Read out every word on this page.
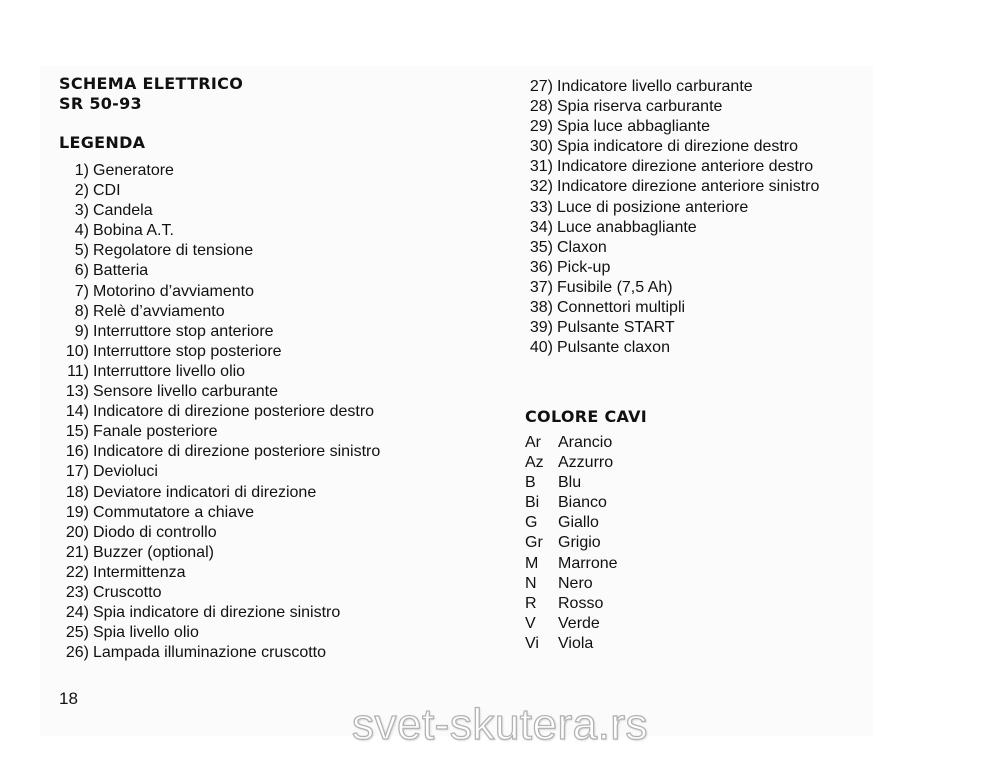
SCHEMA ELETTRICO
SR 50-93
LEGENDA
1) Generatore
2) CDI
3) Candela
4) Bobina A.T.
5) Regolatore di tensione
6) Batteria
7) Motorino d’avviamento
8) Relè d’avviamento
9) Interruttore stop anteriore
10) Interruttore stop posteriore
11) Interruttore livello olio
13) Sensore livello carburante
14) Indicatore di direzione posteriore destro
15) Fanale posteriore
16) Indicatore di direzione posteriore sinistro
17) Devioluci
18) Deviatore indicatori di direzione
19) Commutatore a chiave
20) Diodo di controllo
21) Buzzer (optional)
22) Intermittenza
23) Cruscotto
24) Spia indicatore di direzione sinistro
25) Spia livello olio
26) Lampada illuminazione cruscotto
27) Indicatore livello carburante
28) Spia riserva carburante
29) Spia luce abbagliante
30) Spia indicatore di direzione destro
31) Indicatore direzione anteriore destro
32) Indicatore direzione anteriore sinistro
33) Luce di posizione anteriore
34) Luce anabbagliante
35) Claxon
36) Pick-up
37) Fusibile (7,5 Ah)
38) Connettori multipli
39) Pulsante START
40) Pulsante claxon
COLORE CAVI
Ar	Arancio
Az Azzurro
B	Blu
Bi	Bianco
G	Giallo
Gr Grigio
M	Marrone
N	Nero
R	Rosso
V	Verde
Vi	Viola
18
svet-skutera.rs
